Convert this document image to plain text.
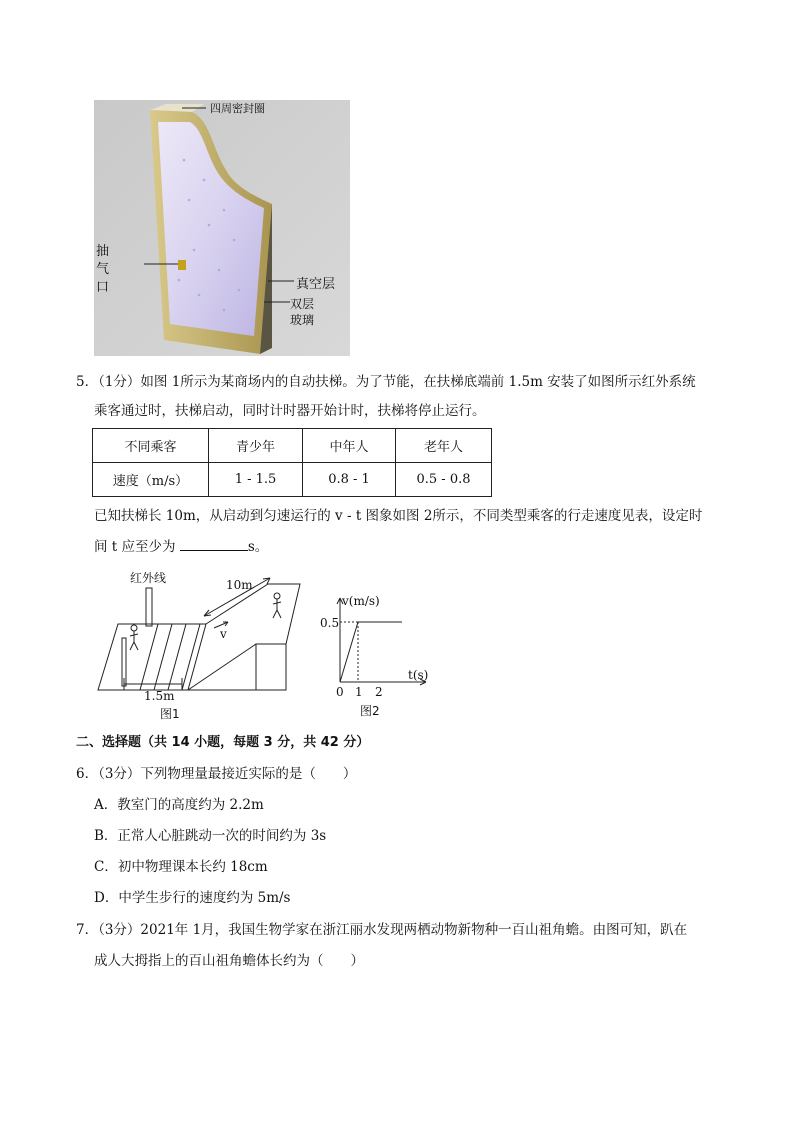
四周密封圈
抽
气
口	真空层
双层
玻璃
5．（1分）如图 1所示为某商场内的自动扶梯。为了节能，在扶梯底端前 1.5m 安装了如图所示红外系统
乘客通过时，扶梯启动，同时计时器开始计时，扶梯将停止运行。
不同乘客	青少年	中年人	老年人
速度（m/s）	1 - 1.5	0.8 - 1	0.5 - 0.8
已知扶梯长 10m，从启动到匀速运行的 v - t 图象如图 2所示，不同类型乘客的行走速度见表，设定时
间 t 应至少为	s。
红外线	10m
v
1.5m
图1
v(m/s)
t(s)
0.5
0 1 2
图2
二、选择题（共 14 小题，每题 3 分，共 42 分）
6．（3分）下列物理量最接近实际的是（　　）
A．教室门的高度约为 2.2m
B．正常人心脏跳动一次的时间约为 3s
C．初中物理课本长约 18cm
D．中学生步行的速度约为 5m/s
7．（3分）2021年 1月，我国生物学家在浙江丽水发现两栖动物新物种一百山祖角蟾。由图可知，趴在
成人大拇指上的百山祖角蟾体长约为（　　）
